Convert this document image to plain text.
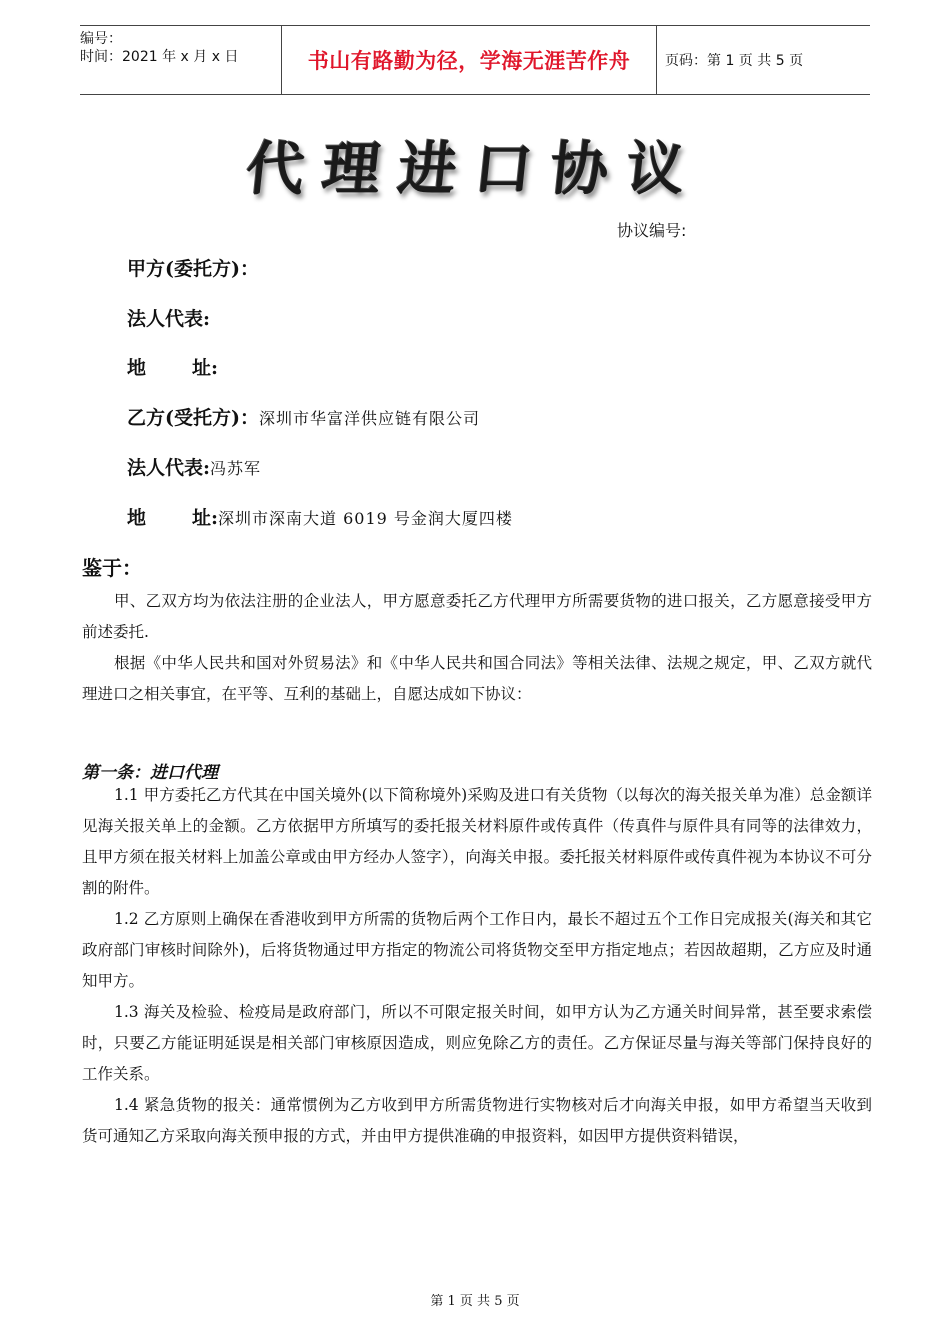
编号：
时间：2021 年 x 月 x 日	书山有路勤为径，学海无涯苦作舟	页码：第 1 页 共 5 页
代理进口协议
协议编号:
甲方(委托方)：
法人代表:
地 址:
乙方(受托方)：深圳市华富洋供应链有限公司
法人代表:冯苏军
地 址:深圳市深南大道 6019 号金润大厦四楼
鉴于：

甲、乙双方均为依法注册的企业法人，甲方愿意委托乙方代理甲方所需要货物的进口报关，乙方愿意接受甲方前述委托.

根据《中华人民共和国对外贸易法》和《中华人民共和国合同法》等相关法律、法规之规定，甲、乙双方就代理进口之相关事宜，在平等、互利的基础上，自愿达成如下协议：

第一条：进口代理

1.1 甲方委托乙方代其在中国关境外(以下简称境外)采购及进口有关货物（以每次的海关报关单为准）总金额详见海关报关单上的金额。乙方依据甲方所填写的委托报关材料原件或传真件（传真件与原件具有同等的法律效力，且甲方须在报关材料上加盖公章或由甲方经办人签字），向海关申报。委托报关材料原件或传真件视为本协议不可分割的附件。

1.2 乙方原则上确保在香港收到甲方所需的货物后两个工作日内，最长不超过五个工作日完成报关(海关和其它政府部门审核时间除外)，后将货物通过甲方指定的物流公司将货物交至甲方指定地点；若因故超期，乙方应及时通知甲方。

1.3 海关及检验、检疫局是政府部门，所以不可限定报关时间，如甲方认为乙方通关时间异常，甚至要求索偿时，只要乙方能证明延误是相关部门审核原因造成，则应免除乙方的责任。乙方保证尽量与海关等部门保持良好的工作关系。

1.4 紧急货物的报关：通常惯例为乙方收到甲方所需货物进行实物核对后才向海关申报，如甲方希望当天收到货可通知乙方采取向海关预申报的方式，并由甲方提供准确的申报资料，如因甲方提供资料错误，

第 1 页 共 5 页
